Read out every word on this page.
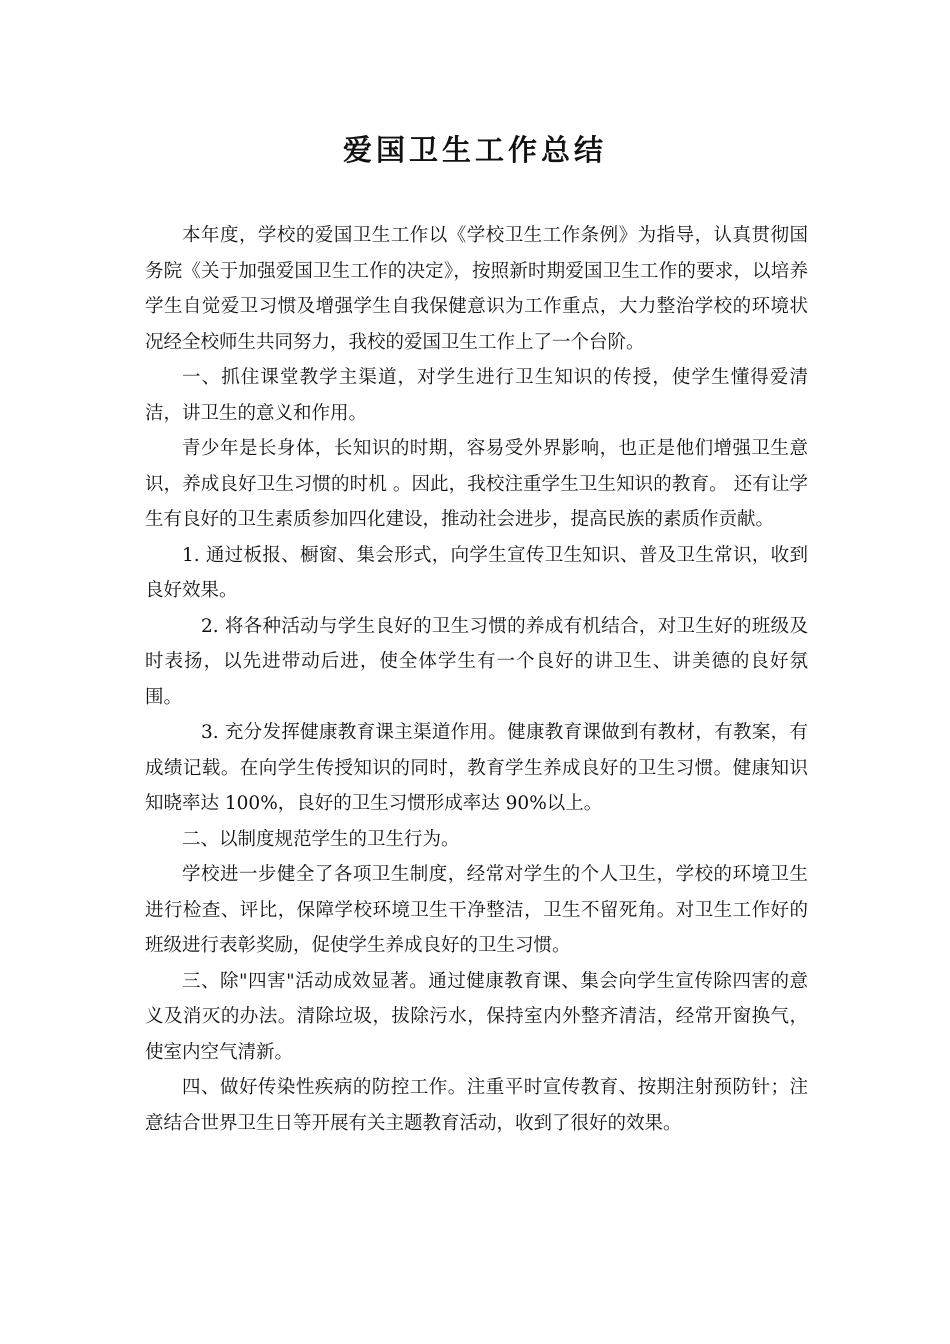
爱国卫生工作总结

本年度，学校的爱国卫生工作以《学校卫生工作条例》为指导，认真贯彻国务院《关于加强爱国卫生工作的决定》，按照新时期爱国卫生工作的要求，以培养学生自觉爱卫习惯及增强学生自我保健意识为工作重点，大力整治学校的环境状况经全校师生共同努力，我校的爱国卫生工作上了一个台阶。

一、抓住课堂教学主渠道，对学生进行卫生知识的传授，使学生懂得爱清洁，讲卫生的意义和作用。

青少年是长身体，长知识的时期，容易受外界影响，也正是他们增强卫生意识，养成良好卫生习惯的时机 。因此，我校注重学生卫生知识的教育。 还有让学生有良好的卫生素质参加四化建设，推动社会进步，提高民族的素质作贡献。

1. 通过板报、橱窗、集会形式，向学生宣传卫生知识、普及卫生常识，收到良好效果。

2. 将各种活动与学生良好的卫生习惯的养成有机结合，对卫生好的班级及时表扬，以先进带动后进，使全体学生有一个良好的讲卫生、讲美德的良好氛围。

3. 充分发挥健康教育课主渠道作用。健康教育课做到有教材，有教案，有成绩记载。在向学生传授知识的同时，教育学生养成良好的卫生习惯。健康知识知晓率达 100%，良好的卫生习惯形成率达 90%以上。

二、以制度规范学生的卫生行为。

学校进一步健全了各项卫生制度，经常对学生的个人卫生，学校的环境卫生进行检查、评比，保障学校环境卫生干净整洁，卫生不留死角。对卫生工作好的班级进行表彰奖励，促使学生养成良好的卫生习惯。

三、除"四害"活动成效显著。通过健康教育课、集会向学生宣传除四害的意义及消灭的办法。清除垃圾，拔除污水，保持室内外整齐清洁，经常开窗换气，使室内空气清新。

四、做好传染性疾病的防控工作。注重平时宣传教育、按期注射预防针；注意结合世界卫生日等开展有关主题教育活动，收到了很好的效果。
